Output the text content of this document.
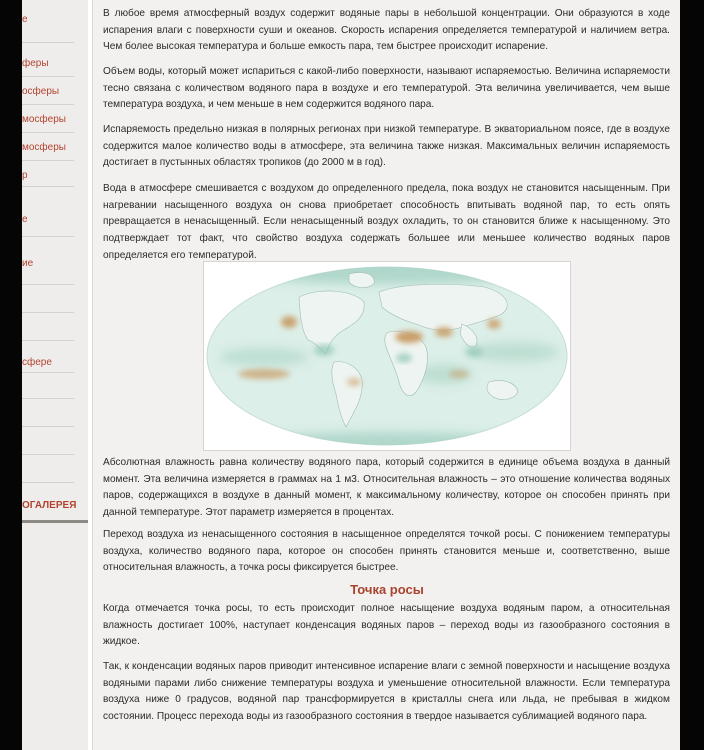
е
феры
осферы
мосферы
мосферы
р
е
ие
сфере
ОГАЛЕРЕЯ

В любое время атмосферный воздух содержит водяные пары в небольшой концентрации. Они образуются в ходе испарения влаги с поверхности суши и океанов. Скорость испарения определяется температурой и наличием ветра. Чем более высокая температура и больше емкость пара, тем быстрее происходит испарение.

Объем воды, который может испариться с какой-либо поверхности, называют испаряемостью. Величина испаряемости тесно связана с количеством водяного пара в воздухе и его температурой. Эта величина увеличивается, чем выше температура воздуха, и чем меньше в нем содержится водяного пара.

Испаряемость предельно низкая в полярных регионах при низкой температуре. В экваториальном поясе, где в воздухе содержится малое количество воды в атмосфере, эта величина также низкая. Максимальных величин испаряемость достигает в пустынных областях тропиков (до 2000 м в год).

Вода в атмосфере смешивается с воздухом до определенного предела, пока воздух не становится насыщенным. При нагревании насыщенного воздуха он снова приобретает способность впитывать водяной пар, то есть опять превращается в ненасыщенный. Если ненасыщенный воздух охладить, то он становится ближе к насыщенному. Это подтверждает тот факт, что свойство воздуха содержать большее или меньшее количество водяных паров определяется его температурой.

Абсолютная влажность равна количеству водяного пара, который содержится в единице объема воздуха в данный момент. Эта величина измеряется в граммах на 1 м3. Относительная влажность – это отношение количества водяных паров, содержащихся в воздухе в данный момент, к максимальному количеству, которое он способен принять при данной температуре. Этот параметр измеряется в процентах.

Переход воздуха из ненасыщенного состояния в насыщенное определятся точкой росы. С понижением температуры воздуха, количество водяного пара, которое он способен принять становится меньше и, соответственно, выше относительная влажность, а точка росы фиксируется быстрее.

Точка росы

Когда отмечается точка росы, то есть происходит полное насыщение воздуха водяным паром, а относительная влажность достигает 100%, наступает конденсация водяных паров – переход воды из газообразного состояния в жидкое.

Так, к конденсации водяных паров приводит интенсивное испарение влаги с земной поверхности и насыщение воздуха водяными парами либо снижение температуры воздуха и уменьшение относительной влажности. Если температура воздуха ниже 0 градусов, водяной пар трансформируется в кристаллы снега или льда, не пребывая в жидком состоянии. Процесс перехода воды из газообразного состояния в твердое называется сублимацией водяного пара.
